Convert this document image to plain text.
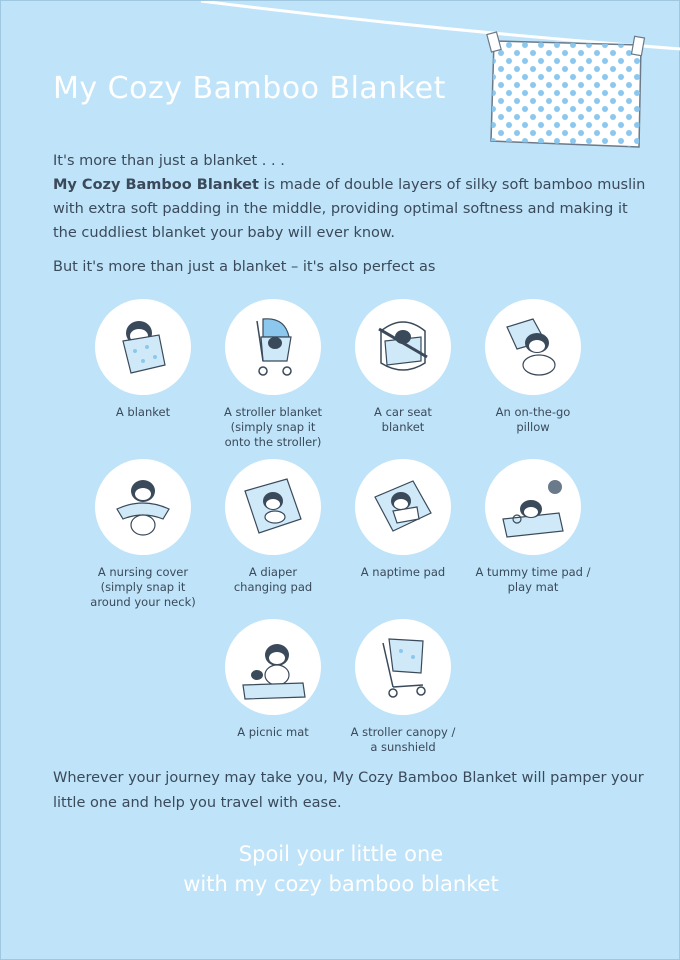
My Cozy Bamboo Blanket

It's more than just a blanket . . .

My Cozy Bamboo Blanket is made of double layers of silky soft bamboo muslin with extra soft padding in the middle, providing optimal softness and making it the cuddliest blanket your baby will ever know.

But it's more than just a blanket – it's also perfect as
A blanket	A stroller blanket
(simply snap it
onto the stroller)
A car seat
blanket
An on-the-go
pillow
A nursing cover
(simply snap it
around your neck)
A diaper
changing pad
A naptime pad	A tummy time pad /
play mat
A picnic mat	A stroller canopy /
a sunshield
Wherever your journey may take you, My Cozy Bamboo Blanket will pamper your little one and help you travel with ease.
Spoil your little one
with my cozy bamboo blanket
